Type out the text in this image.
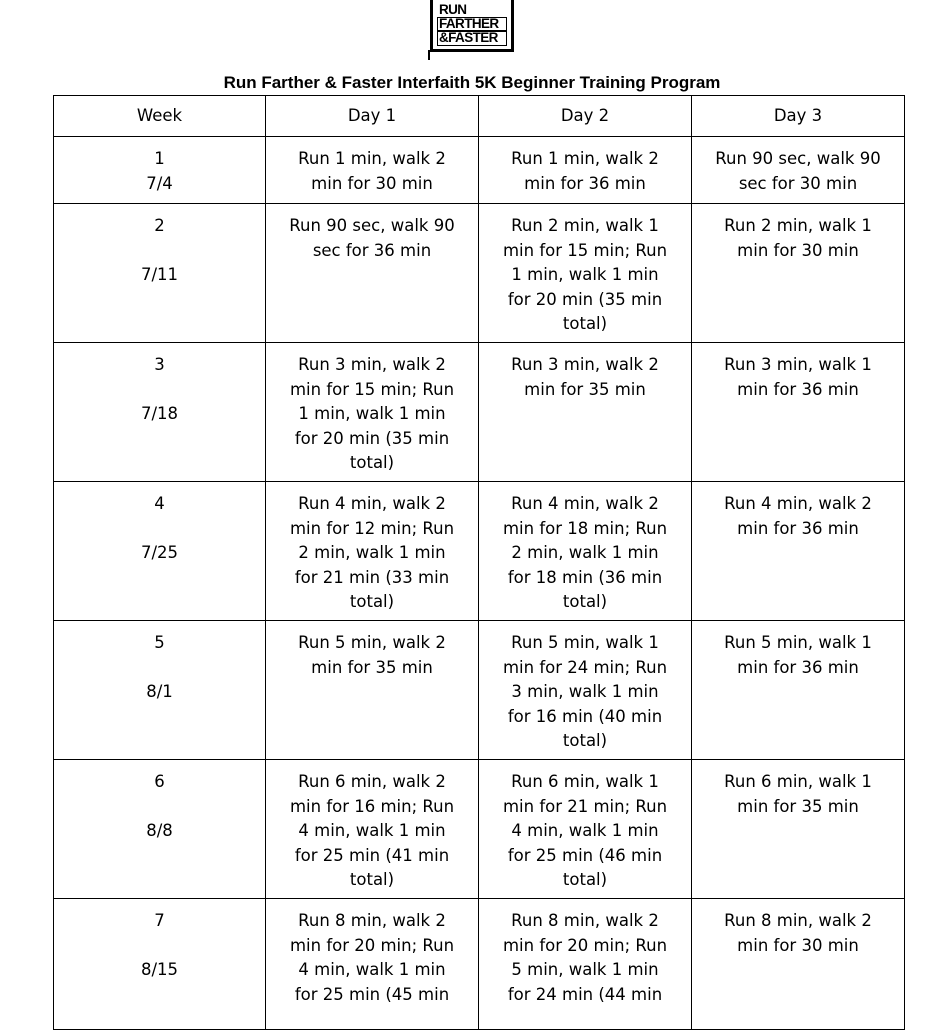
RUN
FARTHER
&FASTER
Run Farther & Faster Interfaith 5K Beginner Training Program
Week	Day 1	Day 2	Day 3

1
7/4	Run 1 min, walk 2 min for 30 min	Run 1 min, walk 2 min for 36 min	Run 90 sec, walk 90 sec for 30 min

2

7/11	Run 90 sec, walk 90 sec for 36 min	Run 2 min, walk 1 min for 15 min; Run 1 min, walk 1 min for 20 min (35 min total)	Run 2 min, walk 1 min for 30 min

3

7/18	Run 3 min, walk 2 min for 15 min; Run 1 min, walk 1 min for 20 min (35 min total)	Run 3 min, walk 2 min for 35 min	Run 3 min, walk 1 min for 36 min

4

7/25	Run 4 min, walk 2 min for 12 min; Run 2 min, walk 1 min for 21 min (33 min total)	Run 4 min, walk 2 min for 18 min; Run 2 min, walk 1 min for 18 min (36 min total)	Run 4 min, walk 2 min for 36 min

5

8/1	Run 5 min, walk 2 min for 35 min	Run 5 min, walk 1 min for 24 min; Run 3 min, walk 1 min for 16 min (40 min total)	Run 5 min, walk 1 min for 36 min

6

8/8	Run 6 min, walk 2 min for 16 min; Run 4 min, walk 1 min for 25 min (41 min total)	Run 6 min, walk 1 min for 21 min; Run 4 min, walk 1 min for 25 min (46 min total)	Run 6 min, walk 1 min for 35 min

7

8/15	Run 8 min, walk 2 min for 20 min; Run 4 min, walk 1 min for 25 min (45 min	Run 8 min, walk 2 min for 20 min; Run 5 min, walk 1 min for 24 min (44 min	Run 8 min, walk 2 min for 30 min
